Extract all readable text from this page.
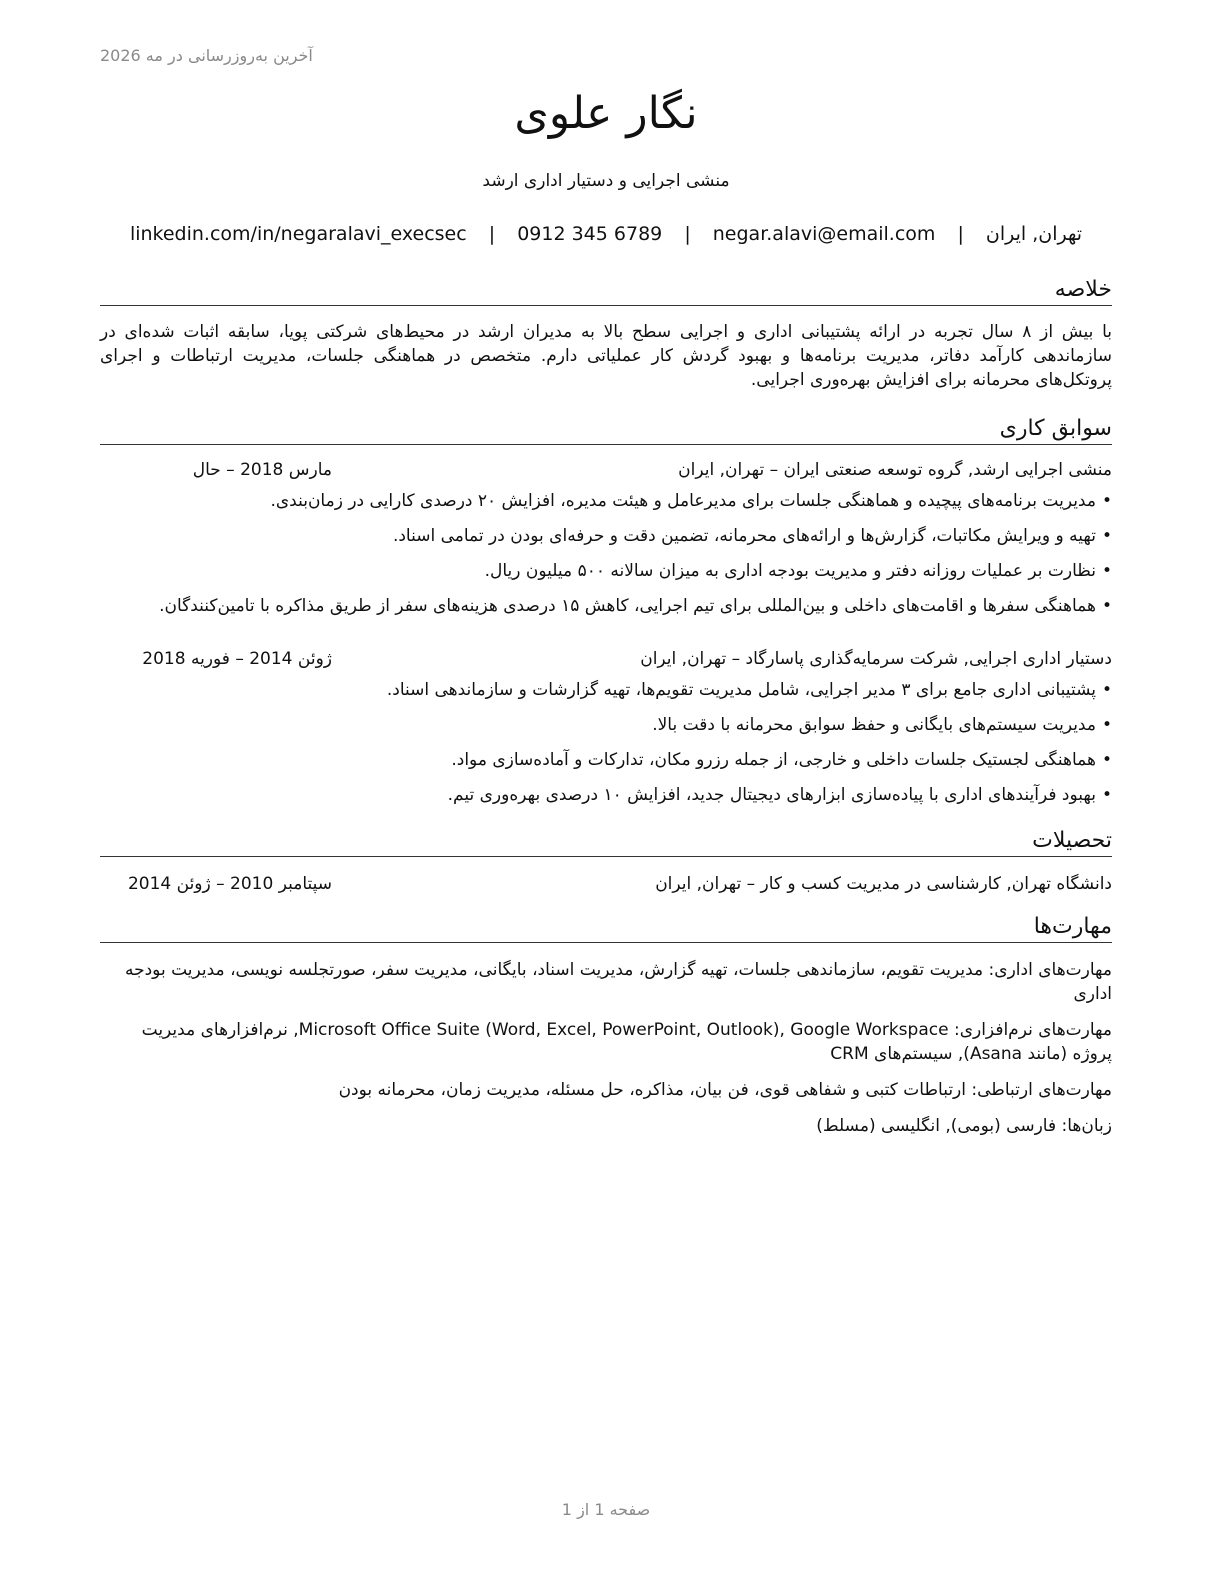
آخرین به‌روزرسانی در مه 2026
نگار علوی
منشی اجرایی و دستیار اداری ارشد
تهران, ایران | negar.alavi@email.com | 0912 345 6789 | linkedin.com/in/negaralavi_execsec
خلاصه
با بیش از ۸ سال تجربه در ارائه پشتیبانی اداری و اجرایی سطح بالا به مدیران ارشد در محیط‌های شرکتی پویا، سابقه اثبات شده‌ای در سازماندهی کارآمد دفاتر، مدیریت برنامه‌ها و بهبود گردش کار عملیاتی دارم. متخصص در هماهنگی جلسات، مدیریت ارتباطات و اجرای پروتکل‌های محرمانه برای افزایش بهره‌وری اجرایی.
سوابق کاری
منشی اجرایی ارشد, گروه توسعه صنعتی ایران – تهران, ایران
مارس 2018 – حال
•مدیریت برنامه‌های پیچیده و هماهنگی جلسات برای مدیرعامل و هیئت مدیره، افزایش ۲۰ درصدی کارایی در زمان‌بندی.
•تهیه و ویرایش مکاتبات، گزارش‌ها و ارائه‌های محرمانه، تضمین دقت و حرفه‌ای بودن در تمامی اسناد.
•نظارت بر عملیات روزانه دفتر و مدیریت بودجه اداری به میزان سالانه ۵۰۰ میلیون ریال.
•هماهنگی سفرها و اقامت‌های داخلی و بین‌المللی برای تیم اجرایی، کاهش ۱۵ درصدی هزینه‌های سفر از طریق مذاکره با تامین‌کنندگان.
دستیار اداری اجرایی, شرکت سرمایه‌گذاری پاسارگاد – تهران, ایران
ژوئن 2014 – فوریه 2018
•پشتیبانی اداری جامع برای ۳ مدیر اجرایی، شامل مدیریت تقویم‌ها، تهیه گزارشات و سازماندهی اسناد.
•مدیریت سیستم‌های بایگانی و حفظ سوابق محرمانه با دقت بالا.
•هماهنگی لجستیک جلسات داخلی و خارجی، از جمله رزرو مکان، تدارکات و آماده‌سازی مواد.
•بهبود فرآیندهای اداری با پیاده‌سازی ابزارهای دیجیتال جدید، افزایش ۱۰ درصدی بهره‌وری تیم.
تحصیلات
دانشگاه تهران, کارشناسی در مدیریت کسب و کار – تهران, ایران
سپتامبر 2010 – ژوئن 2014
مهارت‌ها
مهارت‌های اداری: مدیریت تقویم، سازماندهی جلسات، تهیه گزارش، مدیریت اسناد، بایگانی، مدیریت سفر، صورتجلسه نویسی، مدیریت بودجه اداری
مهارت‌های نرم‌افزاری: Microsoft Office Suite (Word, Excel, PowerPoint, Outlook), Google Workspace, نرم‌افزارهای مدیریت پروژه (مانند Asana), سیستم‌های CRM
مهارت‌های ارتباطی: ارتباطات کتبی و شفاهی قوی، فن بیان، مذاکره، حل مسئله، مدیریت زمان، محرمانه بودن
زبان‌ها: فارسی (بومی), انگلیسی (مسلط)
صفحه 1 از 1
